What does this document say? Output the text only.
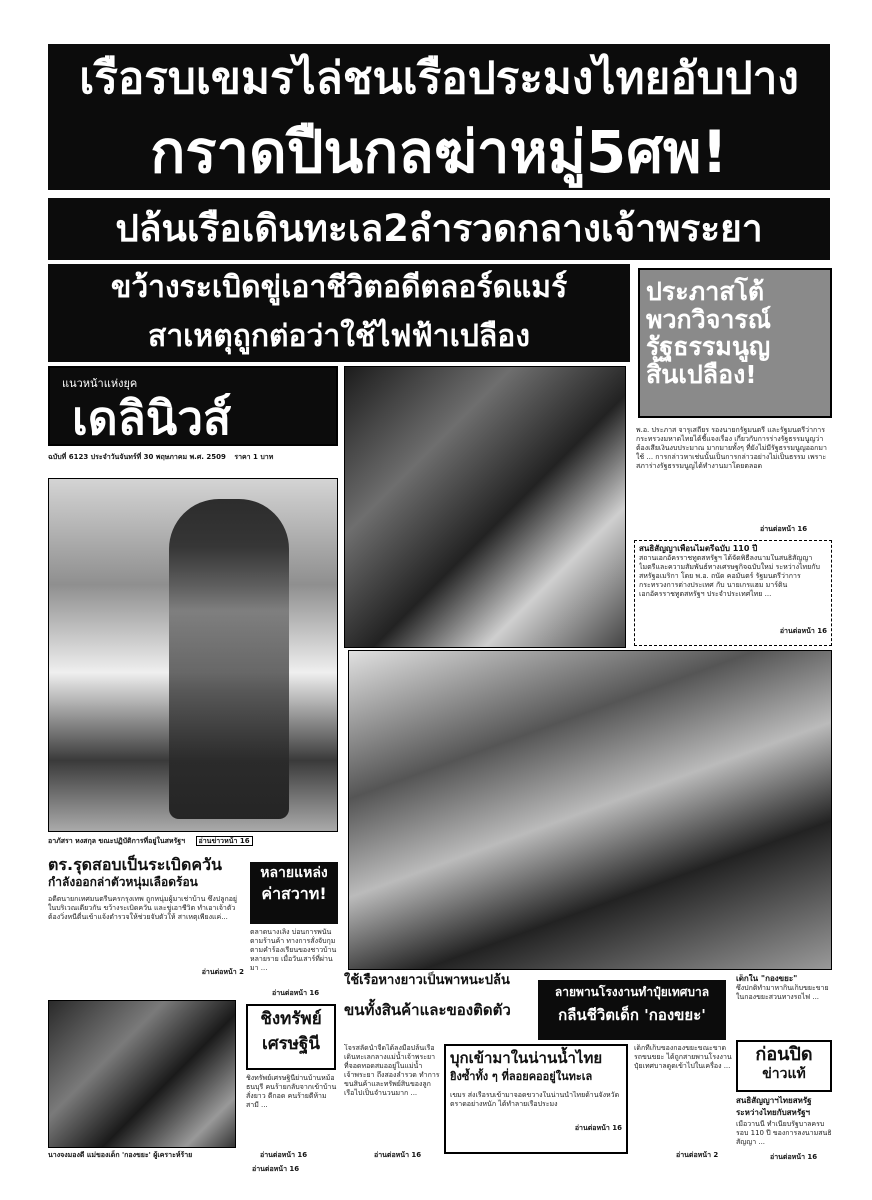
เรือรบเขมรไล่ชนเรือประมงไทยอับปาง
กราดปืนกลฆ่าหมู่5ศพ!
ปล้นเรือเดินทะเล2ลำรวดกลางเจ้าพระยา
ขว้างระเบิดขู่เอาชีวิตอดีตลอร์ดแมร์
สาเหตุถูกต่อว่าใช้ไฟฟ้าเปลือง
ประภาสโต้
พวกวิจารณ์
รัฐธรรมนูญ
สิ้นเปลือง!
พ.อ. ประภาส จารุเสถียร รองนายกรัฐมนตรี และรัฐมนตรีว่าการกระทรวงมหาดไทยได้ชี้แจงเรื่อง เกี่ยวกับการร่างรัฐธรรมนูญว่าต้องเสียเงินงบประมาณ มากมายทั้งๆ ที่ยังไม่มีรัฐธรรมนูญออกมาใช้ ... การกล่าวหาเช่นนั้นเป็นการกล่าวอย่างไม่เป็นธรรม เพราะสภาร่างรัฐธรรมนูญได้ทำงานมาโดยตลอด
อ่านต่อหน้า 16
แนวหน้าแห่งยุค
เดลินิวส์
ฉบับที่ 6123 ประจำวันจันทร์ที่ 30 พฤษภาคม พ.ศ. 2509 ราคา 1 บาท
สนธิสัญญาเพื่อนไมตรีฉบับ 110 ปี
สถานเอกอัครราชทูตสหรัฐฯ ได้จัดพิธีลงนามในสนธิสัญญาไมตรีและความสัมพันธ์ทางเศรษฐกิจฉบับใหม่ ระหว่างไทยกับสหรัฐอเมริกา โดย พ.อ. ถนัด คอมันตร์ รัฐมนตรีว่าการกระทรวงการต่างประเทศ กับ นายเกรแฮม มาร์ติน เอกอัครราชทูตสหรัฐฯ ประจำประเทศไทย ...
อ่านต่อหน้า 16
อาภัสรา หงสกุล ขณะปฏิบัติการที่อยู่ในสหรัฐฯ อ่านข่าวหน้า 16
ตร.รุดสอบเป็นระเบิดควัน
กำลังออกล่าตัวหนุ่มเลือดร้อน
อดีตนายกเทศมนตรีนครกรุงเทพ ถูกหนุ่มผู้มาเช่าบ้าน ซึ่งปลูกอยู่ในบริเวณเดียวกัน ขว้างระเบิดควัน และขู่เอาชีวิต ทำเอาเจ้าตัวต้องวิ่งหนีตื่นเข้าแจ้งตำรวจให้ช่วยจับตัวให้ สาเหตุเพียงแค่...
อ่านต่อหน้า 2
หลายแหล่ง
ค่าสวาท!
ตลาดนางเลิ้ง บ่อนการพนันตามร้านค้า ทางการสั่งจับกุมตามคำร้องเรียนของชาวบ้านหลายราย เมื่อวันเสาร์ที่ผ่านมา ...
อ่านต่อหน้า 16
ใช้เรือหางยาวเป็นพาหนะปล้น
ขนทั้งสินค้าและของติดตัว
โจรสลัดน้ำจืดได้ลงมือปล้นเรือเดินทะเลกลางแม่น้ำเจ้าพระยา ที่จอดทอดสมออยู่ในแม่น้ำเจ้าพระยา ถึงสองลำรวด ทำการขนสินค้าและทรัพย์สินของลูกเรือไปเป็นจำนวนมาก ...
อ่านต่อหน้า 16
ชิงทรัพย์
เศรษฐินี
ชิงทรัพย์เศรษฐินีย่านบ้านหม้อ ธนบุรี คนร้ายกลับจากเข้าบ้านสั่งยาว ตีกอด คนร้ายตีห้ามสามี ...
อ่านต่อหน้า 16
ลายพานโรงงานทำปุ๋ยเทศบาล
กลืนชีวิตเด็ก 'กองขยะ'
เด็กที่เก็บของกองขยะขณะขาดรถขนขยะ ได้ถูกสายพานโรงงานปุ๋ยเทศบาลดูดเข้าไปในเครื่อง ...
อ่านต่อหน้า 2
บุกเข้ามาในน่านน้ำไทย
ยิงซ้ำทั้ง ๆ ที่ลอยคออยู่ในทะเล
เขมร ส่งเรือรบเข้ามาจอดขวางในน่านน้ำไทยด้านจังหวัดตราดอย่างหนัก ได้ทำลายเรือประมง
อ่านต่อหน้า 16
เด็กใน "กองขยะ"
ซึ่งปกติทำมาหากินเก็บขยะขายในกองขยะสวนทางรถไฟ ...
ก่อนปิด
ข่าวแท้
สนธิสัญญาฯไทยสหรัฐ
ระหว่างไทยกับสหรัฐฯ
เมื่อวานนี้ ทำเนียบรัฐบาลครบรอบ 110 ปี ของการลงนามสนธิสัญญา ...
อ่านต่อหน้า 16
นางจงมองดี แม่ของเด็ก 'กองขยะ' ผู้เคราะห์ร้าย
อ่านต่อหน้า 16
